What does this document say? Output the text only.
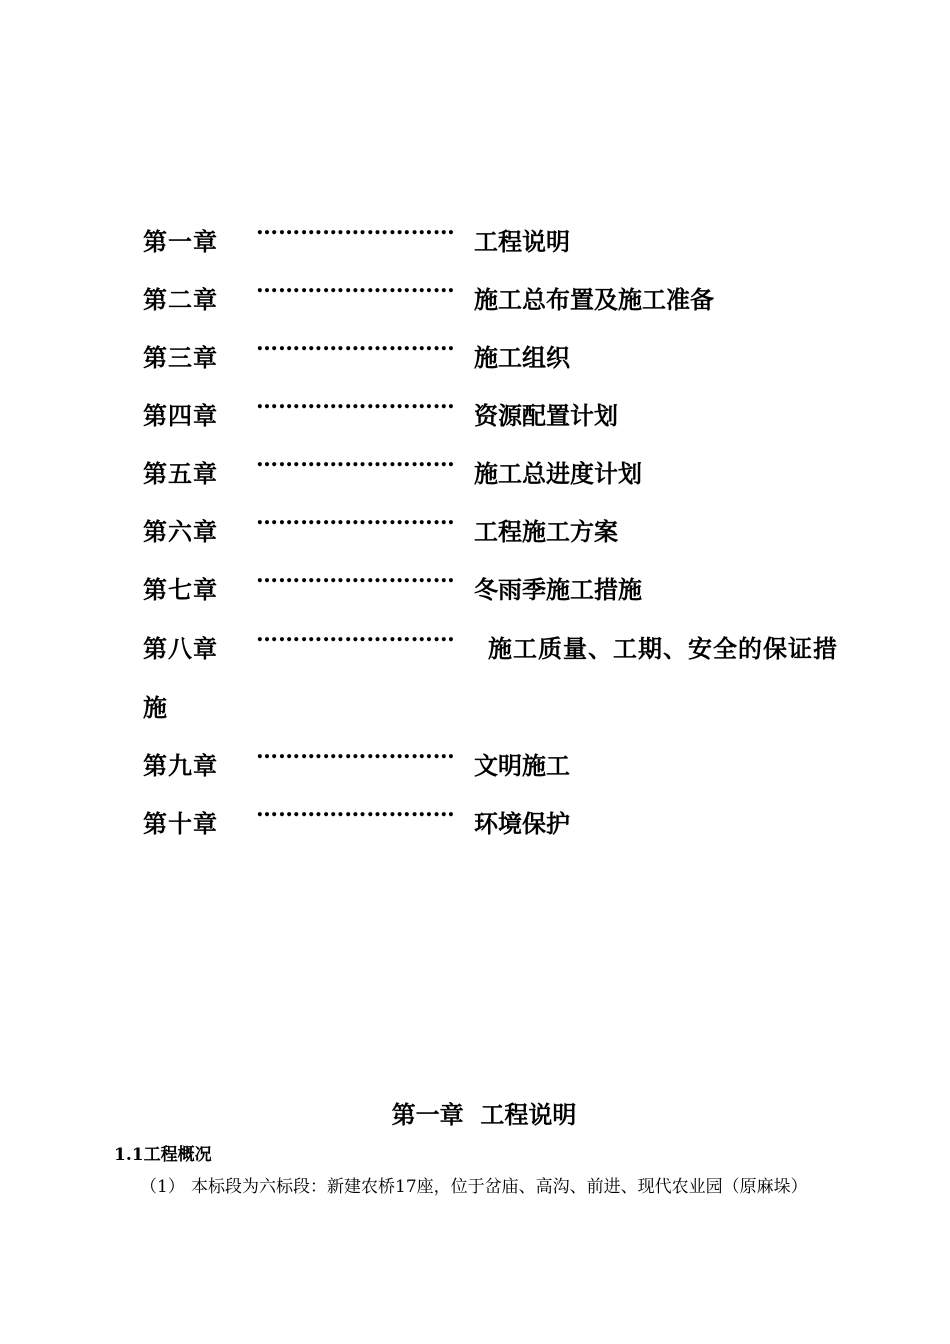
第一章 ……………………… 工程说明
第二章 ……………………… 施工总布置及施工准备
第三章 ……………………… 施工组织
第四章 ……………………… 资源配置计划
第五章 ……………………… 施工总进度计划
第六章 ……………………… 工程施工方案
第七章 ……………………… 冬雨季施工措施
第八章 ……………………… 施工质量、工期、安全的保证措
施
第九章 ……………………… 文明施工
第十章 ……………………… 环境保护
第一章  工程说明
1.1工程概况
（1） 本标段为六标段：新建农桥17座，位于岔庙、高沟、前进、现代农业园（原麻垛）
